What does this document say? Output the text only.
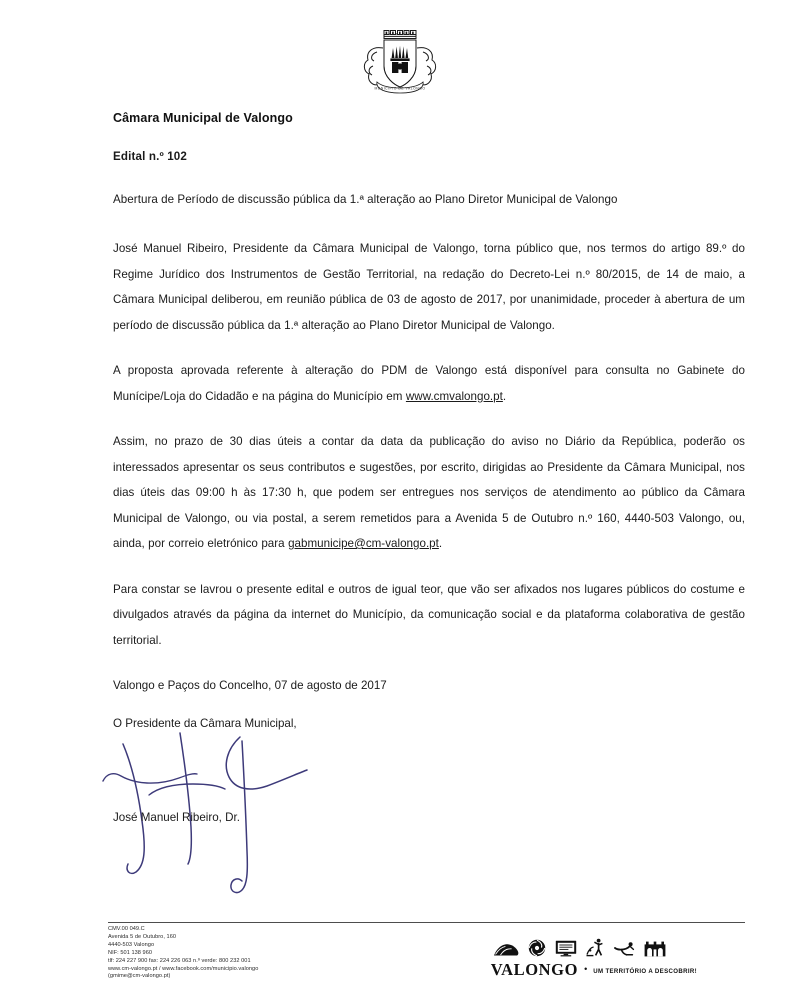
MUNICIPIO DE VALONGO
Câmara Municipal de Valongo
Edital n.º 102
Abertura de Período de discussão pública da 1.ª alteração ao Plano Diretor Municipal de Valongo

José Manuel Ribeiro, Presidente da Câmara Municipal de Valongo, torna público que, nos termos do artigo 89.º do Regime Jurídico dos Instrumentos de Gestão Territorial, na redação do Decreto-Lei n.º 80/2015, de 14 de maio, a Câmara Municipal deliberou, em reunião pública de 03 de agosto de 2017, por unanimidade, proceder à abertura de um período de discussão pública da 1.ª alteração ao Plano Diretor Municipal de Valongo.

A proposta aprovada referente à alteração do PDM de Valongo está disponível para consulta no Gabinete do Munícipe/Loja do Cidadão e na página do Município em www.cmvalongo.pt.

Assim, no prazo de 30 dias úteis a contar da data da publicação do aviso no Diário da República, poderão os interessados apresentar os seus contributos e sugestões, por escrito, dirigidas ao Presidente da Câmara Municipal, nos dias úteis das 09:00 h às 17:30 h, que podem ser entregues nos serviços de atendimento ao público da Câmara Municipal de Valongo, ou via postal, a serem remetidos para a Avenida 5 de Outubro n.º 160, 4440-503 Valongo, ou, ainda, por correio eletrónico para gabmunicipe@cm-valongo.pt.

Para constar se lavrou o presente edital e outros de igual teor, que vão ser afixados nos lugares públicos do costume e divulgados através da página da internet do Município, da comunicação social e da plataforma colaborativa de gestão territorial.

Valongo e Paços do Concelho, 07 de agosto de 2017
O Presidente da Câmara Municipal,
José Manuel Ribeiro, Dr.
CMV.00 049.C
Avenida 5 de Outubro, 160
4440-503 Valongo
NIF: 501 138 960
tlf: 224 227 900 fax: 224 226 063 n.º verde: 800 232 001
www.cm-valongo.pt / www.facebook.com/municipio.valongo
(gmime@cm-valongo.pt)	VALONGO • UM TERRITÓRIO A DESCOBRIR!
